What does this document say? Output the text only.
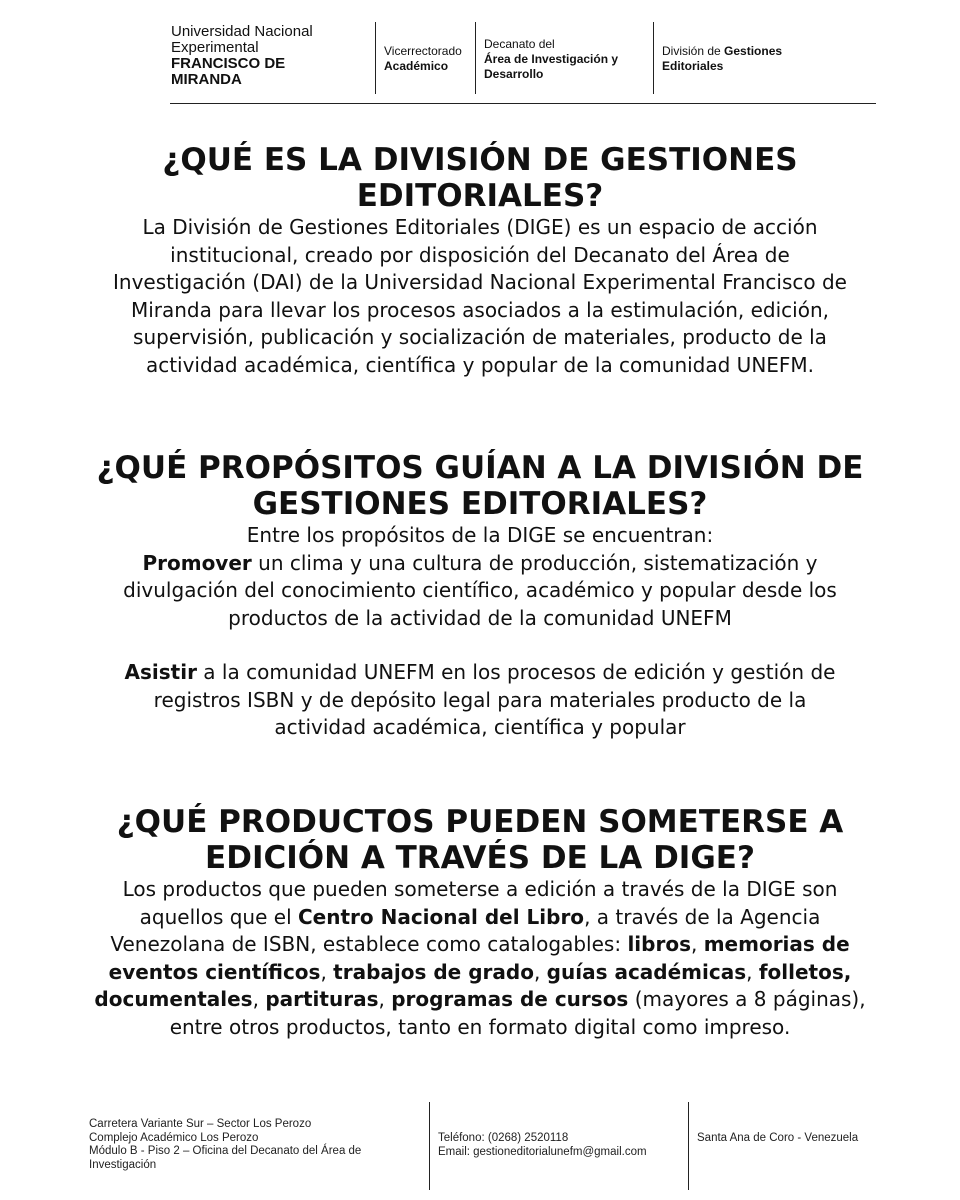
Universidad Nacional
Experimental
FRANCISCO DE
MIRANDA
Vicerrectorado
Académico
Decanato del
Área de Investigación y
Desarrollo
División de Gestiones
Editoriales
¿QUÉ ES LA DIVISIÓN DE GESTIONES
EDITORIALES?

La División de Gestiones Editoriales (DIGE) es un espacio de acción
institucional, creado por disposición del Decanato del Área de
Investigación (DAI) de la Universidad Nacional Experimental Francisco de
Miranda para llevar los procesos asociados a la estimulación, edición,
supervisión, publicación y socialización de materiales, producto de la
actividad académica, científica y popular de la comunidad UNEFM.

¿QUÉ PROPÓSITOS GUÍAN A LA DIVISIÓN DE
GESTIONES EDITORIALES?

Entre los propósitos de la DIGE se encuentran:
Promover un clima y una cultura de producción, sistematización y
divulgación del conocimiento científico, académico y popular desde los
productos de la actividad de la comunidad UNEFM

Asistir a la comunidad UNEFM en los procesos de edición y gestión de
registros ISBN y de depósito legal para materiales producto de la
actividad académica, científica y popular

¿QUÉ PRODUCTOS PUEDEN SOMETERSE A
EDICIÓN A TRAVÉS DE LA DIGE?

Los productos que pueden someterse a edición a través de la DIGE son
aquellos que el Centro Nacional del Libro, a través de la Agencia
Venezolana de ISBN, establece como catalogables: libros, memorias de
eventos científicos, trabajos de grado, guías académicas, folletos,
documentales, partituras, programas de cursos (mayores a 8 páginas),
entre otros productos, tanto en formato digital como impreso.

Carretera Variante Sur – Sector Los Perozo
Complejo Académico Los Perozo
Módulo B - Piso 2 – Oficina del Decanato del Área de
Investigación
Teléfono: (0268) 2520118
Email: gestioneditorialunefm@gmail.com
Santa Ana de Coro - Venezuela
